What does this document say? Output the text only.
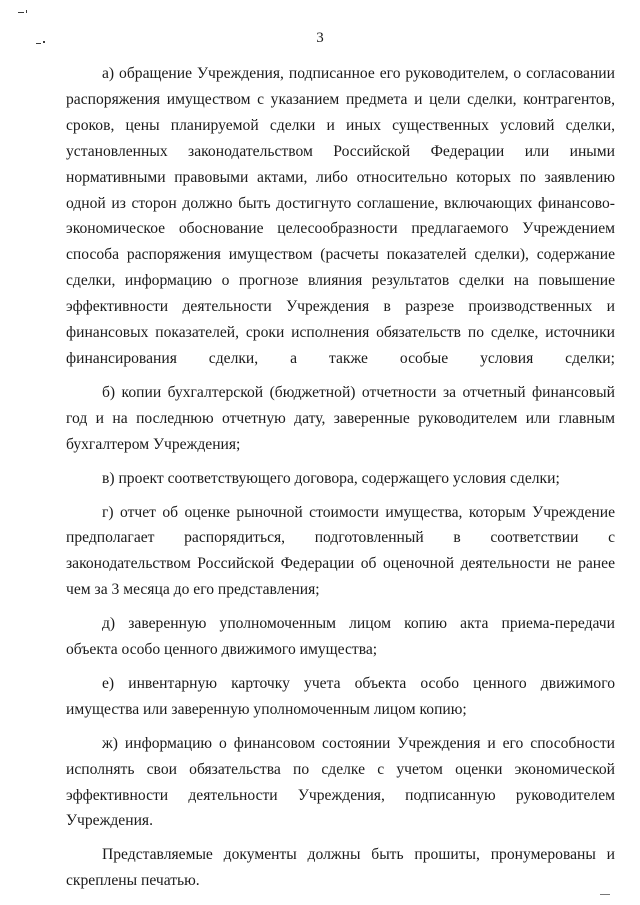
3

а) обращение Учреждения, подписанное его руководителем, о согласовании распоряжения имуществом с указанием предмета и цели сделки, контрагентов, сроков, цены планируемой сделки и иных существенных условий сделки, установленных законодательством Российской Федерации или иными нормативными правовыми актами, либо относительно которых по заявлению одной из сторон должно быть достигнуто соглашение, включающих финансово-экономическое обоснование целесообразности предлагаемого Учреждением способа распоряжения имуществом (расчеты показателей сделки), содержание сделки, информацию о прогнозе влияния результатов сделки на повышение эффективности деятельности Учреждения в разрезе производственных и финансовых показателей, сроки исполнения обязательств по сделке, источники финансирования сделки, а также особые условия сделки;

б) копии бухгалтерской (бюджетной) отчетности за отчетный финансовый год и на последнюю отчетную дату, заверенные руководителем или главным бухгалтером Учреждения;

в) проект соответствующего договора, содержащего условия сделки;

г) отчет об оценке рыночной стоимости имущества, которым Учреждение предполагает распорядиться, подготовленный в соответствии с законодательством Российской Федерации об оценочной деятельности не ранее чем за 3 месяца до его представления;

д) заверенную уполномоченным лицом копию акта приема-передачи объекта особо ценного движимого имущества;

е) инвентарную карточку учета объекта особо ценного движимого имущества или заверенную уполномоченным лицом копию;

ж) информацию о финансовом состоянии Учреждения и его способности исполнять свои обязательства по сделке с учетом оценки экономической эффективности деятельности Учреждения, подписанную руководителем Учреждения.

Представляемые документы должны быть прошиты, пронумерованы и скреплены печатью.
